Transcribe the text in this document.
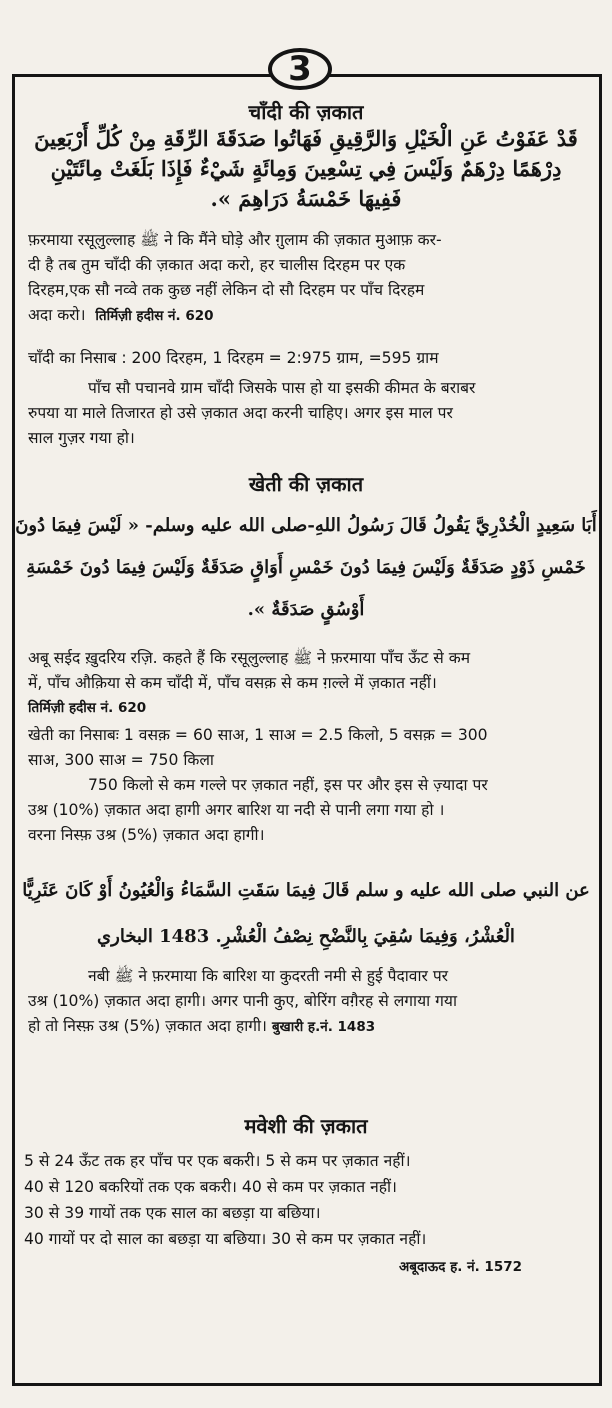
3
चाँदी की ज़कात
قَدْ عَفَوْتُ عَنِ الْخَيْلِ وَالرَّقِيقِ فَهَاتُوا صَدَقَةَ الرِّقَةِ مِنْ كُلِّ أَرْبَعِينَ
دِرْهَمًا دِرْهَمٌ وَلَيْسَ فِي تِسْعِينَ وَمِائَةٍ شَيْءٌ فَإِذَا بَلَغَتْ مِائَتَيْنِ
فَفِيهَا خَمْسَةُ دَرَاهِمَ ».
फ़रमाया रसूलुल्लाह ﷺ ने कि मैंने घोड़े और ग़ुलाम की ज़कात मुआफ़ कर-
दी है तब तुम चाँदी की ज़कात अदा करो, हर चालीस दिरहम पर एक
दिरहम,एक सौ नव्वे तक कुछ नहीं लेकिन दो सौ दिरहम पर पाँच दिरहम
अदा करो। तिर्मिज़ी हदीस नं. 620
चाँदी का निसाब : 200 दिरहम, 1 दिरहम = 2:975 ग्राम, =595 ग्राम
पाँच सौ पचानवे ग्राम चाँदी जिसके पास हो या इसकी कीमत के बराबर
रुपया या माले तिजारत हो उसे ज़कात अदा करनी चाहिए। अगर इस माल पर
साल गुज़र गया हो।
खेती की ज़कात
أَبَا سَعِيدٍ الْخُدْرِيَّ يَقُولُ قَالَ رَسُولُ اللهِ-صلى الله عليه وسلم- « لَيْسَ فِيمَا دُونَ
خَمْسِ ذَوْدٍ صَدَقَةٌ وَلَيْسَ فِيمَا دُونَ خَمْسِ أَوَاقٍ صَدَقَةٌ وَلَيْسَ فِيمَا دُونَ خَمْسَةِ
أَوْسُقٍ صَدَقَةٌ ».
अबू सईद ख़ुदरिय रज़ि. कहते हैं कि रसूलुल्लाह ﷺ ने फ़रमाया पाँच ऊँट से कम
में, पाँच औक़िया से कम चाँदी में, पाँच वसक़ से कम ग़ल्ले में ज़कात नहीं।
तिर्मिज़ी हदीस नं. 620
खेती का निसाबः 1 वसक़ = 60 साअ, 1 साअ = 2.5 किलो, 5 वसक़ = 300
साअ, 300 साअ = 750 किला
750 किलो से कम गल्ले पर ज़कात नहीं, इस पर और इस से ज़्यादा पर
उश्र (10%) ज़कात अदा हागी अगर बारिश या नदी से पानी लगा गया हो ।
वरना निस्फ़ उश्र (5%) ज़कात अदा हागी।
عن النبي صلى الله عليه و سلم قَالَ فِيمَا سَقَتِ السَّمَاءُ وَالْعُيُونُ أَوْ كَانَ عَثَرِيًّا
الْعُشْرُ، وَفِيمَا سُقِيَ بِالنَّضْحِ نِصْفُ الْعُشْرِ. 1483 البخاري
नबी ﷺ ने फ़रमाया कि बारिश या कुदरती नमी से हुई पैदावार पर
उश्र (10%) ज़कात अदा हागी। अगर पानी कुए, बोरिंग वग़ैरह से लगाया गया
हो तो निस्फ़ उश्र (5%) ज़कात अदा हागी। बुखारी ह.नं. 1483
मवेशी की ज़कात
5 से 24 ऊँट तक हर पाँच पर एक बकरी। 5 से कम पर ज़कात नहीं।
40 से 120 बकरियों तक एक बकरी। 40 से कम पर ज़कात नहीं।
30 से 39 गायों तक एक साल का बछड़ा या बछिया।
40 गायों पर दो साल का बछड़ा या बछिया। 30 से कम पर ज़कात नहीं।
अबूदाऊद ह. नं. 1572
